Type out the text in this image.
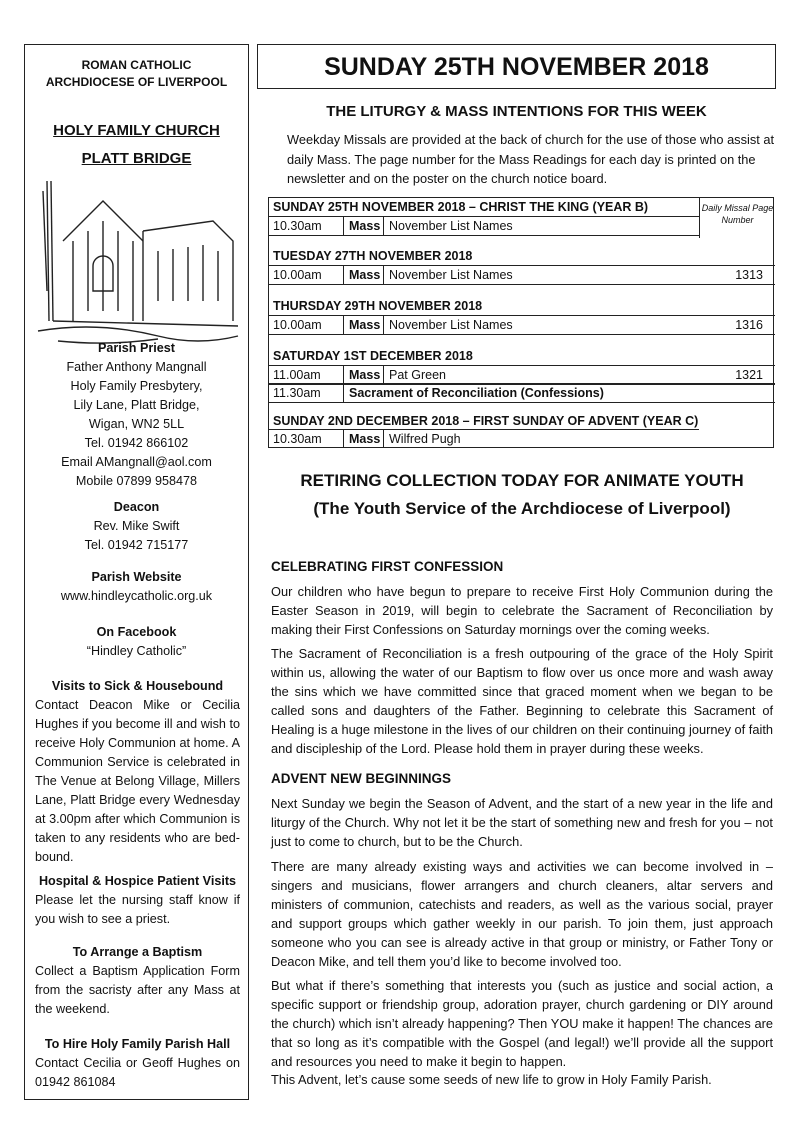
ROMAN CATHOLIC
ARCHDIOCESE OF LIVERPOOL
HOLY FAMILY CHURCH
PLATT BRIDGE
Parish Priest
Father Anthony Mangnall
Holy Family Presbytery,
Lily Lane, Platt Bridge,
Wigan, WN2 5LL
Tel. 01942 866102
Email AMangnall@aol.com
Mobile 07899 958478
Deacon
Rev. Mike Swift
Tel. 01942 715177
Parish Website
www.hindleycatholic.org.uk
On Facebook
“Hindley Catholic”
Visits to Sick & Housebound
Contact Deacon Mike or Cecilia Hughes if you become ill and wish to receive Holy Communion at home. A Communion Service is celebrated in The Venue at Belong Village, Millers Lane, Platt Bridge every Wednesday at 3.00pm after which Communion is taken to any residents who are bed-bound.
Hospital & Hospice Patient Visits
Please let the nursing staff know if you wish to see a priest.
To Arrange a Baptism
Collect a Baptism Application Form from the sacristy after any Mass at the weekend.
To Hire Holy Family Parish Hall
Contact Cecilia or Geoff Hughes on 01942 861084
SUNDAY 25TH NOVEMBER 2018
THE LITURGY & MASS INTENTIONS FOR THIS WEEK
Weekday Missals are provided at the back of church for the use of those who assist at daily Mass. The page number for the Mass Readings for each day is printed on the newsletter and on the poster on the church notice board.
Daily Missal Page Number
SUNDAY 25TH NOVEMBER 2018 – CHRIST THE KING (YEAR B)
10.30am Mass November List Names
TUESDAY 27TH NOVEMBER 2018
10.00am Mass November List Names	1313
THURSDAY 29TH NOVEMBER 2018
10.00am Mass November List Names	1316
SATURDAY 1ST DECEMBER 2018
11.00am Mass Pat Green	1321
11.30am Sacrament of Reconciliation (Confessions)
SUNDAY 2ND DECEMBER 2018 – FIRST SUNDAY OF ADVENT (YEAR C)
10.30am Mass Wilfred Pugh
RETIRING COLLECTION TODAY FOR ANIMATE YOUTH
(The Youth Service of the Archdiocese of Liverpool)
CELEBRATING FIRST CONFESSION
Our children who have begun to prepare to receive First Holy Communion during the Easter Season in 2019, will begin to celebrate the Sacrament of Reconciliation by making their First Confessions on Saturday mornings over the coming weeks.
The Sacrament of Reconciliation is a fresh outpouring of the grace of the Holy Spirit within us, allowing the water of our Baptism to flow over us once more and wash away the sins which we have committed since that graced moment when we began to be called sons and daughters of the Father. Beginning to celebrate this Sacrament of Healing is a huge milestone in the lives of our children on their continuing journey of faith and discipleship of the Lord. Please hold them in prayer during these weeks.
ADVENT NEW BEGINNINGS
Next Sunday we begin the Season of Advent, and the start of a new year in the life and liturgy of the Church. Why not let it be the start of something new and fresh for you – not just to come to church, but to be the Church.
There are many already existing ways and activities we can become involved in – singers and musicians, flower arrangers and church cleaners, altar servers and ministers of communion, catechists and readers, as well as the various social, prayer and support groups which gather weekly in our parish. To join them, just approach someone who you can see is already active in that group or ministry, or Father Tony or Deacon Mike, and tell them you’d like to become involved too.
But what if there’s something that interests you (such as justice and social action, a specific support or friendship group, adoration prayer, church gardening or DIY around the church) which isn’t already happening? Then YOU make it happen! The chances are that so long as it’s compatible with the Gospel (and legal!) we’ll provide all the support and resources you need to make it begin to happen.
This Advent, let’s cause some seeds of new life to grow in Holy Family Parish.
